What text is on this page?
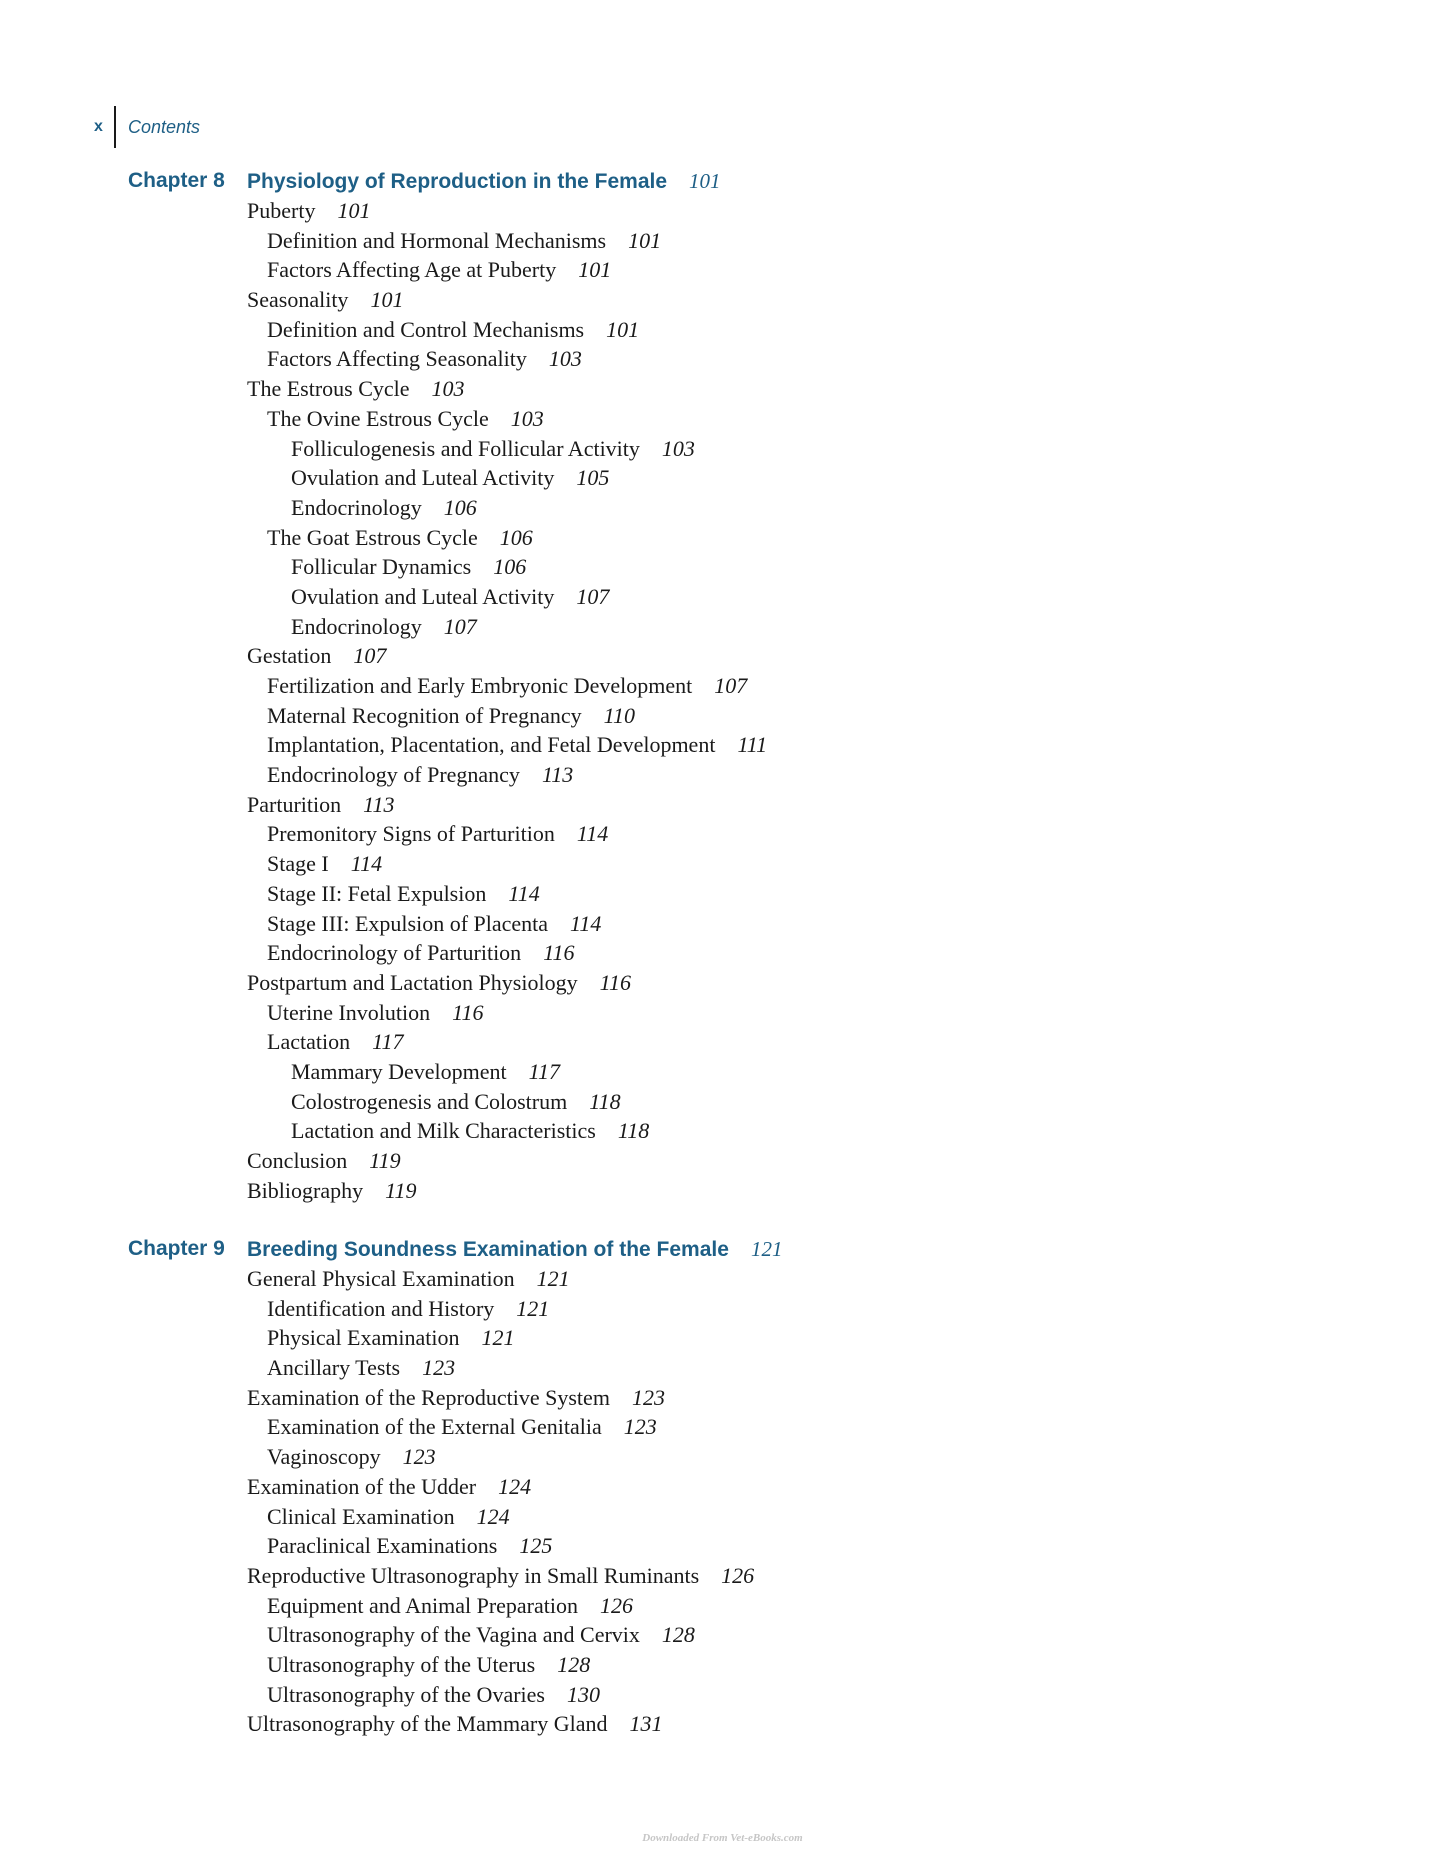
x	Contents
Chapter 8 Physiology of Reproduction in the Female 101
Puberty 101
Definition and Hormonal Mechanisms 101
Factors Affecting Age at Puberty 101
Seasonality 101
Definition and Control Mechanisms 101
Factors Affecting Seasonality 103
The Estrous Cycle 103
The Ovine Estrous Cycle 103
Folliculogenesis and Follicular Activity 103
Ovulation and Luteal Activity 105
Endocrinology 106
The Goat Estrous Cycle 106
Follicular Dynamics 106
Ovulation and Luteal Activity 107
Endocrinology 107
Gestation 107
Fertilization and Early Embryonic Development 107
Maternal Recognition of Pregnancy 110
Implantation, Placentation, and Fetal Development 111
Endocrinology of Pregnancy 113
Parturition 113
Premonitory Signs of Parturition 114
Stage I 114
Stage II: Fetal Expulsion 114
Stage III: Expulsion of Placenta 114
Endocrinology of Parturition 116
Postpartum and Lactation Physiology 116
Uterine Involution 116
Lactation 117
Mammary Development 117
Colostrogenesis and Colostrum 118
Lactation and Milk Characteristics 118
Conclusion 119
Bibliography 119
Chapter 9 Breeding Soundness Examination of the Female 121
General Physical Examination 121
Identification and History 121
Physical Examination 121
Ancillary Tests 123
Examination of the Reproductive System 123
Examination of the External Genitalia 123
Vaginoscopy 123
Examination of the Udder 124
Clinical Examination 124
Paraclinical Examinations 125
Reproductive Ultrasonography in Small Ruminants 126
Equipment and Animal Preparation 126
Ultrasonography of the Vagina and Cervix 128
Ultrasonography of the Uterus 128
Ultrasonography of the Ovaries 130
Ultrasonography of the Mammary Gland 131
Downloaded From Vet-eBooks.com
